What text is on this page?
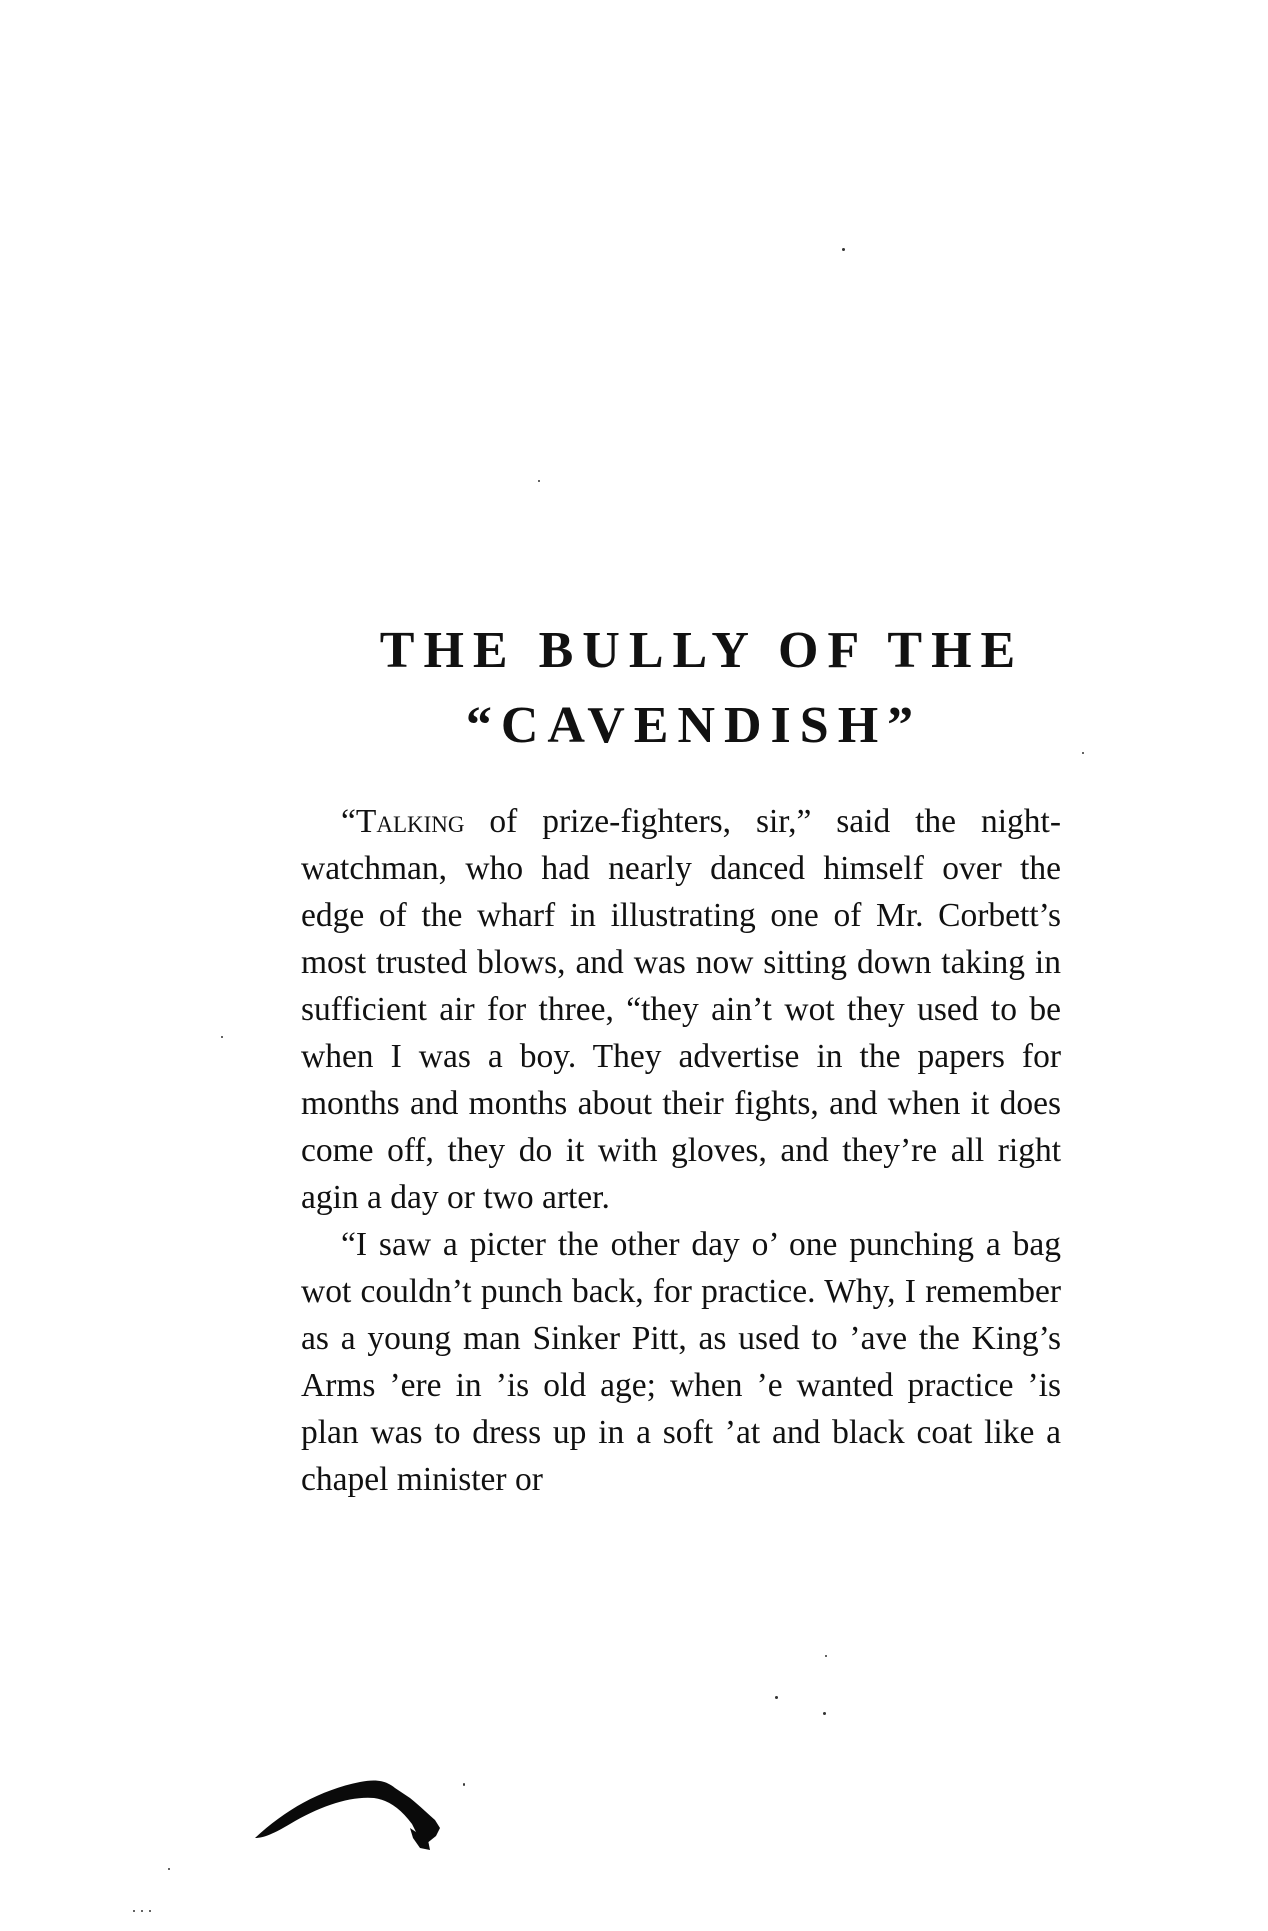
THE BULLY OF THE
“CAVENDISH”

“Talking of prize-fighters, sir,” said the night-watchman, who had nearly danced himself over the edge of the wharf in illustrating one of Mr. Corbett’s most trusted blows, and was now sitting down taking in sufficient air for three, “they ain’t wot they used to be when I was a boy. They advertise in the papers for months and months about their fights, and when it does come off, they do it with gloves, and they’re all right agin a day or two arter.

“I saw a picter the other day o’ one punching a bag wot couldn’t punch back, for practice. Why, I remember as a young man Sinker Pitt, as used to ’ave the King’s Arms ’ere in ’is old age; when ’e wanted practice ’is plan was to dress up in a soft ’at and black coat like a chapel minister or
